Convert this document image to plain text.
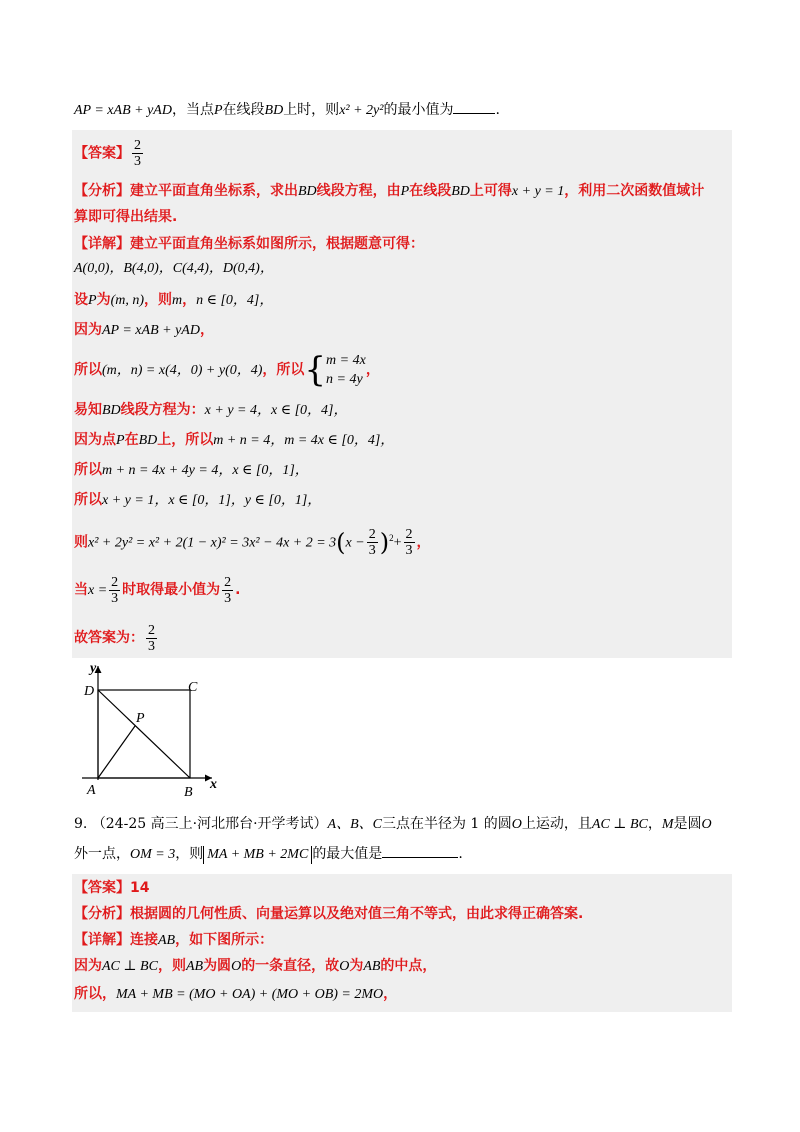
AP = xAB + yAD，当点P在线段BD上时，则x² + 2y²的最小值为	.
【答案】 $\frac{2}{3}$
【分析】建立平面直角坐标系，求出BD线段方程，由P在线段BD上可得x + y = 1，利用二次函数值域计
算即可得出结果.
【详解】建立平面直角坐标系如图所示，根据题意可得：
A(0,0)，B(4,0)，C(4,4)，D(0,4)，
设P为(m, n)，则m，n ∈ [0，4]，
因为AP = xAB + yAD，
所以(m，n) = x(4，0) + y(0，4)，所以{ m = 4x
n = 4y
，
易知BD线段方程为：x + y = 4，x ∈ [0，4]，
因为点P在BD上，所以m + n = 4，m = 4x ∈ [0，4]，
所以m + n = 4x + 4y = 4，x ∈ [0，1]，
所以x + y = 1，x ∈ [0，1]，y ∈ [0，1]，
则$x^2 + 2y^2 = x^2 + 2(1 - x)^2 = 3x^2 - 4x + 2 = 3(x - \frac{2}{3} )^2+ \frac{2}{3}$ ，
当$x = \frac{2}{3}$ 时取得最小值为 $\frac{2}{3}$ .
故答案为： $\frac{2}{3}$
y
x
D	C
P
A	B
9. （24-25 高三上·河北邢台·开学考试）A、B、C三点在半径为 1 的圆O上运动，且AC ⊥ BC，M是圆O
外一点，OM = 3，则 MA + MB + 2MC 的最大值是	.
【答案】14
【分析】根据圆的几何性质、向量运算以及绝对值三角不等式，由此求得正确答案.
【详解】连接AB，如下图所示：
因为AC ⊥ BC，则AB为圆O的一条直径，故O为AB的中点，
所以，MA + MB = (MO + OA) + (MO + OB) = 2MO，
